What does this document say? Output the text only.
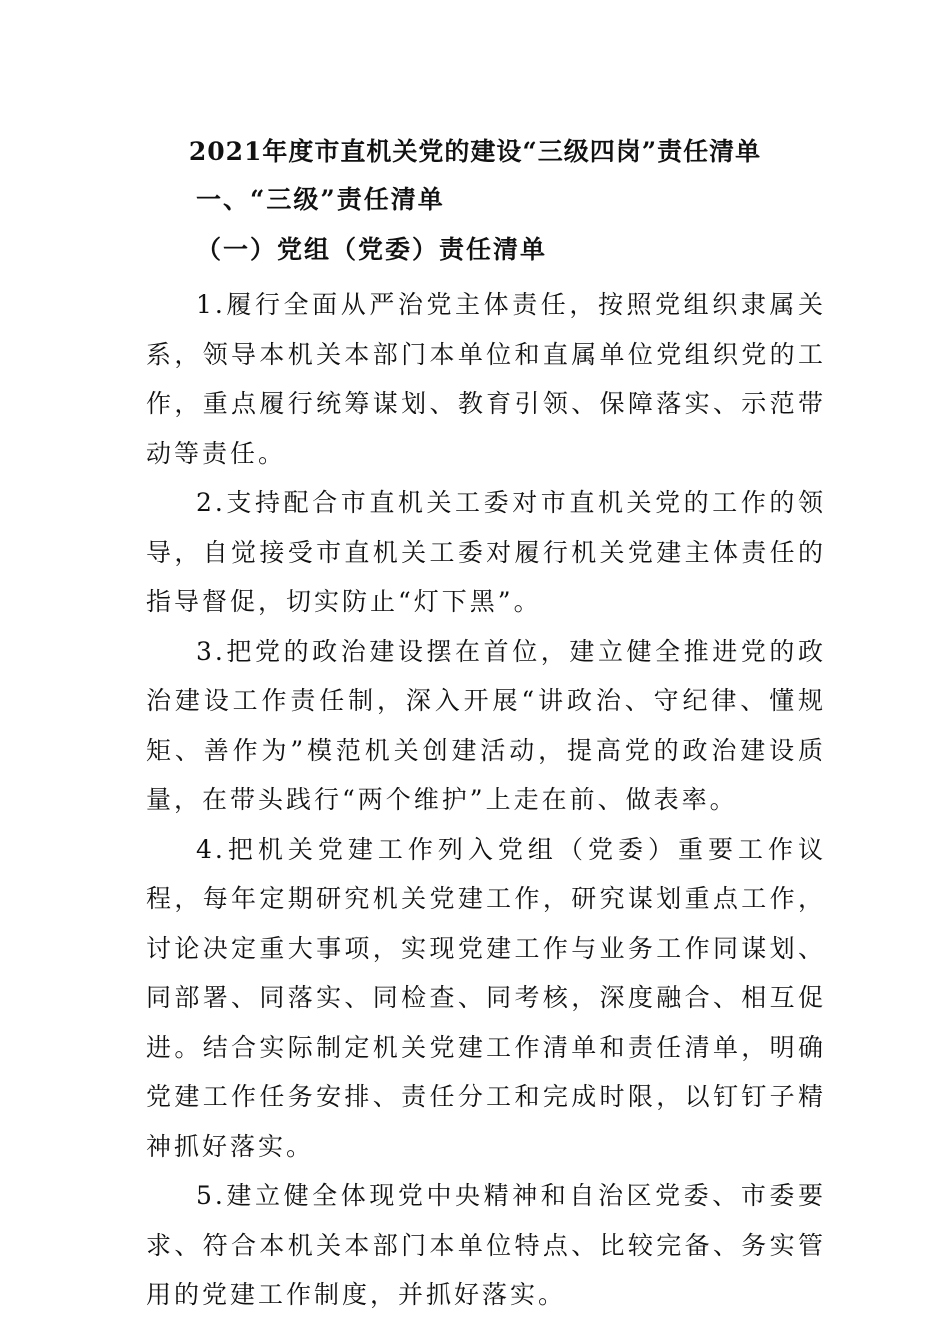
2021年度市直机关党的建设“三级四岗”责任清单
一、“三级”责任清单
（一）党组（党委）责任清单

1.履行全面从严治党主体责任，按照党组织隶属关系，领导本机关本部门本单位和直属单位党组织党的工作，重点履行统筹谋划、教育引领、保障落实、示范带动等责任。

2.支持配合市直机关工委对市直机关党的工作的领导，自觉接受市直机关工委对履行机关党建主体责任的指导督促，切实防止“灯下黑”。

3.把党的政治建设摆在首位，建立健全推进党的政治建设工作责任制，深入开展“讲政治、守纪律、懂规矩、善作为”模范机关创建活动，提高党的政治建设质量，在带头践行“两个维护”上走在前、做表率。

4.把机关党建工作列入党组（党委）重要工作议程，每年定期研究机关党建工作，研究谋划重点工作，讨论决定重大事项，实现党建工作与业务工作同谋划、同部署、同落实、同检查、同考核，深度融合、相互促进。结合实际制定机关党建工作清单和责任清单，明确党建工作任务安排、责任分工和完成时限，以钉钉子精神抓好落实。

5.建立健全体现党中央精神和自治区党委、市委要求、符合本机关本部门本单位特点、比较完备、务实管用的党建工作制度，并抓好落实。
